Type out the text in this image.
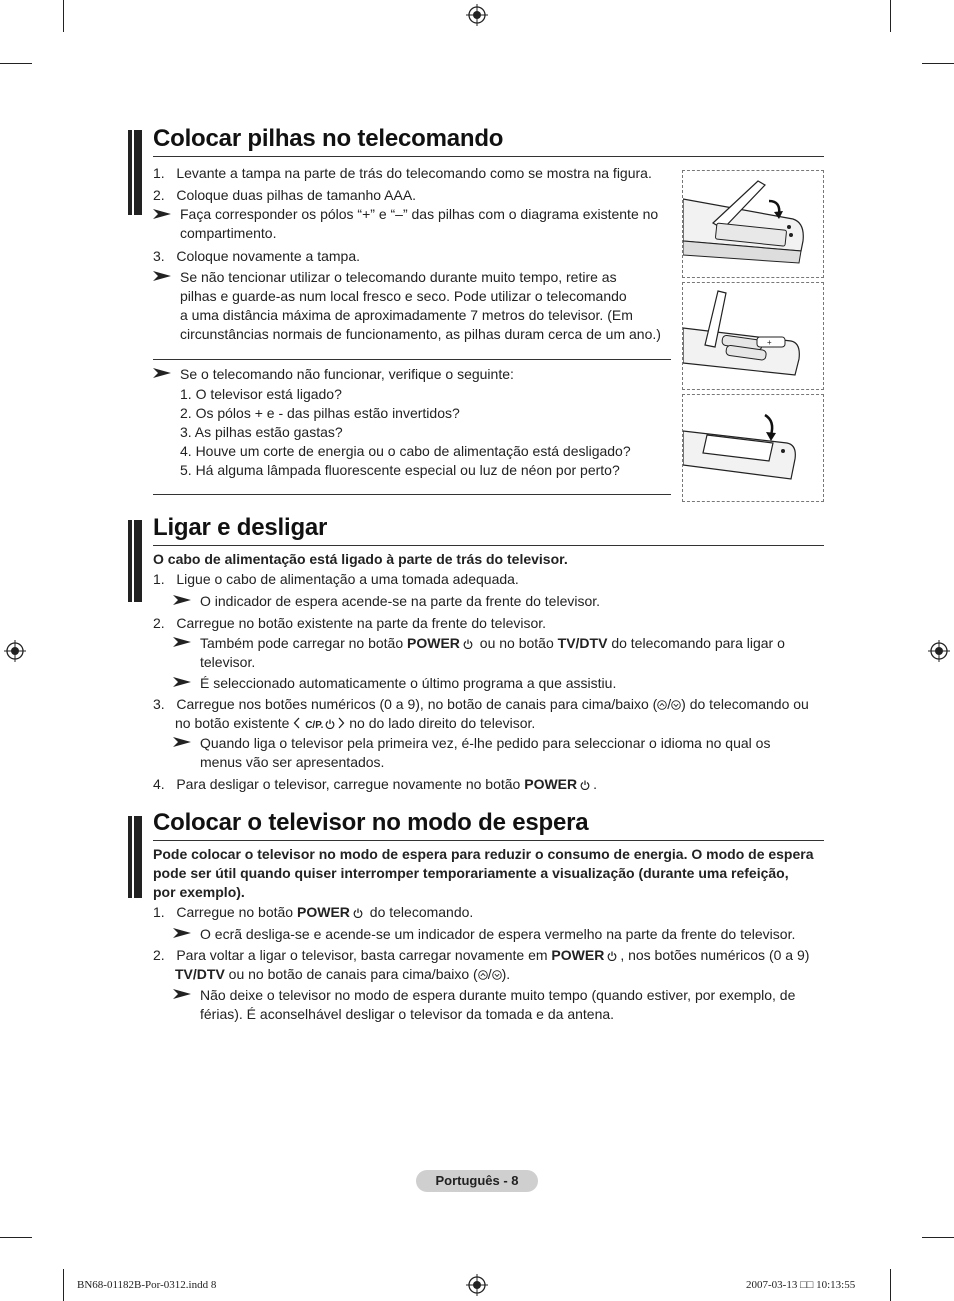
Colocar pilhas no telecomando
1.   Levante a tampa na parte de trás do telecomando como se mostra na figura.
2.   Coloque duas pilhas de tamanho AAA.
Faça corresponder os pólos “+” e “–” das pilhas com o diagrama existente no
compartimento.
3.   Coloque novamente a tampa.
Se não tencionar utilizar o telecomando durante muito tempo, retire as
pilhas e guarde-as num local fresco e seco. Pode utilizar o telecomando
a uma distância máxima de aproximadamente 7 metros do televisor. (Em
circunstâncias normais de funcionamento, as pilhas duram cerca de um ano.)
Se o telecomando não funcionar, verifique o seguinte:
1. O televisor está ligado?
2. Os pólos + e - das pilhas estão invertidos?
3. As pilhas estão gastas?
4. Houve um corte de energia ou o cabo de alimentação está desligado?
5. Há alguma lâmpada fluorescente especial ou luz de néon por perto?
+
Ligar e desligar
O cabo de alimentação está ligado à parte de trás do televisor.
1.   Ligue o cabo de alimentação a uma tomada adequada.
O indicador de espera acende-se na parte da frente do televisor.
2.   Carregue no botão existente na parte da frente do televisor.
Também pode carregar no botão POWER ou no botão TV/DTV do telecomando para ligar o
televisor.
É seleccionado automaticamente o último programa a que assistiu.
3.   Carregue nos botões numéricos (0 a 9), no botão de canais para cima/baixo ( / ) do telecomando ou
no botão existente C/P. no do lado direito do televisor.
Quando liga o televisor pela primeira vez, é-lhe pedido para seleccionar o idioma no qual os
menus vão ser apresentados.
4.   Para desligar o televisor, carregue novamente no botão POWER .
Colocar o televisor no modo de espera
Pode colocar o televisor no modo de espera para reduzir o consumo de energia. O modo de espera
pode ser útil quando quiser interromper temporariamente a visualização (durante uma refeição,
por exemplo).
1.   Carregue no botão POWER do telecomando.
O ecrã desliga-se e acende-se um indicador de espera vermelho na parte da frente do televisor.
2.   Para voltar a ligar o televisor, basta carregar novamente em POWER , nos botões numéricos (0 a 9)
TV/DTV ou no botão de canais para cima/baixo ( / ).
Não deixe o televisor no modo de espera durante muito tempo (quando estiver, por exemplo, de
férias). É aconselhável desligar o televisor da tomada e da antena.
Português - 8
BN68-01182B-Por-0312.indd 8	2007-03-13 □□ 10:13:55
